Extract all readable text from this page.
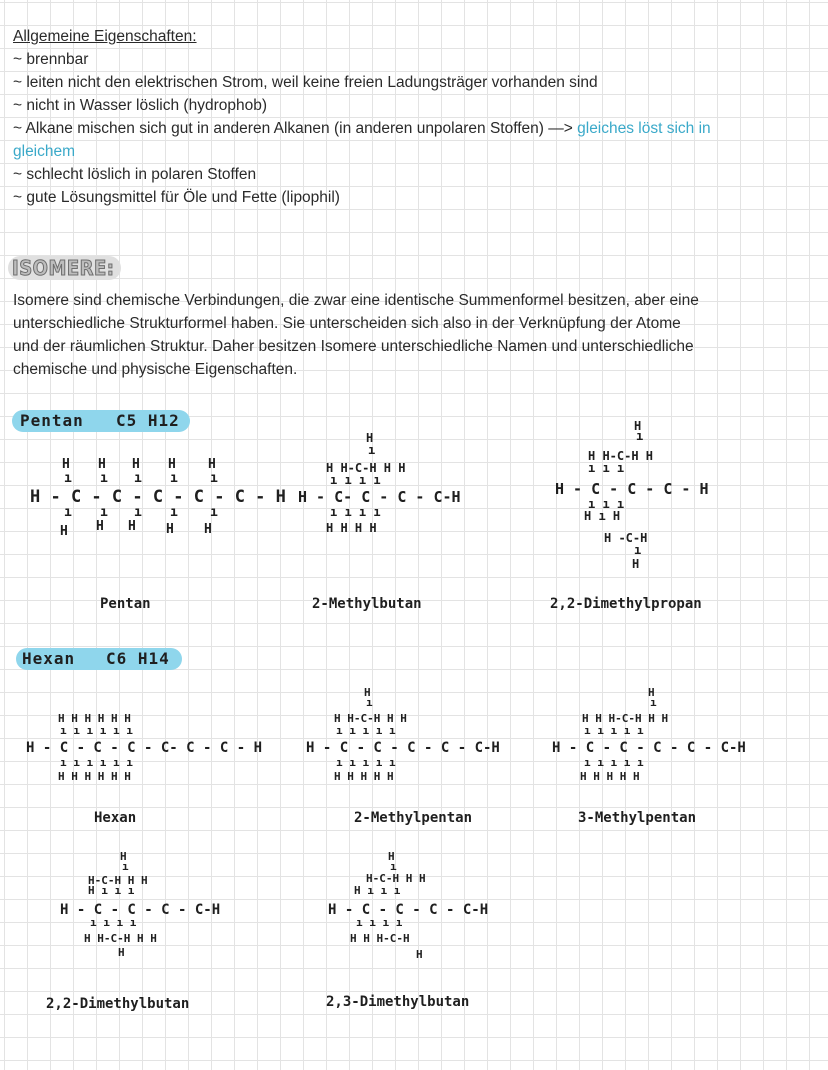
Allgemeine Eigenschaften:
~ brennbar
~ leiten nicht den elektrischen Strom, weil keine freien Ladungsträger vorhanden sind
~ nicht in Wasser löslich (hydrophob)
~ Alkane mischen sich gut in anderen Alkanen (in anderen unpolaren Stoffen) —> gleiches löst sich in
gleichem
~ schlecht löslich in polaren Stoffen
~ gute Lösungsmittel für Öle und Fette (lipophil)
ISOMERE:
Isomere sind chemische Verbindungen, die zwar eine identische Summenformel besitzen, aber eine
unterschiedliche Strukturformel haben. Sie unterscheiden sich also in der Verknüpfung der Atome
und der räumlichen Struktur. Daher besitzen Isomere unterschiedliche Namen und unterschiedliche
chemische und physische Eigenschaften.
Pentan C5 H12
H H H H H
ı ı ı ı ı
H - C - C - C - C - C - H
ı ı ı ı ı
H H H H H
H
ı
H H-C-H H H
ı ı ı ı
H - C- C - C - C-H
ı ı ı ı
H H H H
H
ı
H H-C-H H
ı ı ı
H - C - C - C - H
ı ı ı
H ı H
H -C-H
ı
H
Pentan	2-Methylbutan	2,2-Dimethylpropan
Hexan C6 H14
H H H H H H
ı ı ı ı ı ı
H - C - C - C - C- C - C - H
ı ı ı ı ı ı
H H H H H H
H
ı
H H-C-H H H
ı ı ı ı ı
H - C - C - C - C - C-H
ı ı ı ı ı
H H H H H
H
ı
H H H-C-H H H
ı ı ı ı ı
H - C - C - C - C - C-H
ı ı ı ı ı
H H H H H
Hexan	2-Methylpentan	3-Methylpentan
H
ı
H-C-H H H
H ı ı ı
H - C - C - C - C-H
ı ı ı ı
H H-C-H H H
H
H
ı
H-C-H H H
H ı ı ı
H - C - C - C - C-H
ı ı ı ı
H H H-C-H
H
2,2-Dimethylbutan	2,3-Dimethylbutan
